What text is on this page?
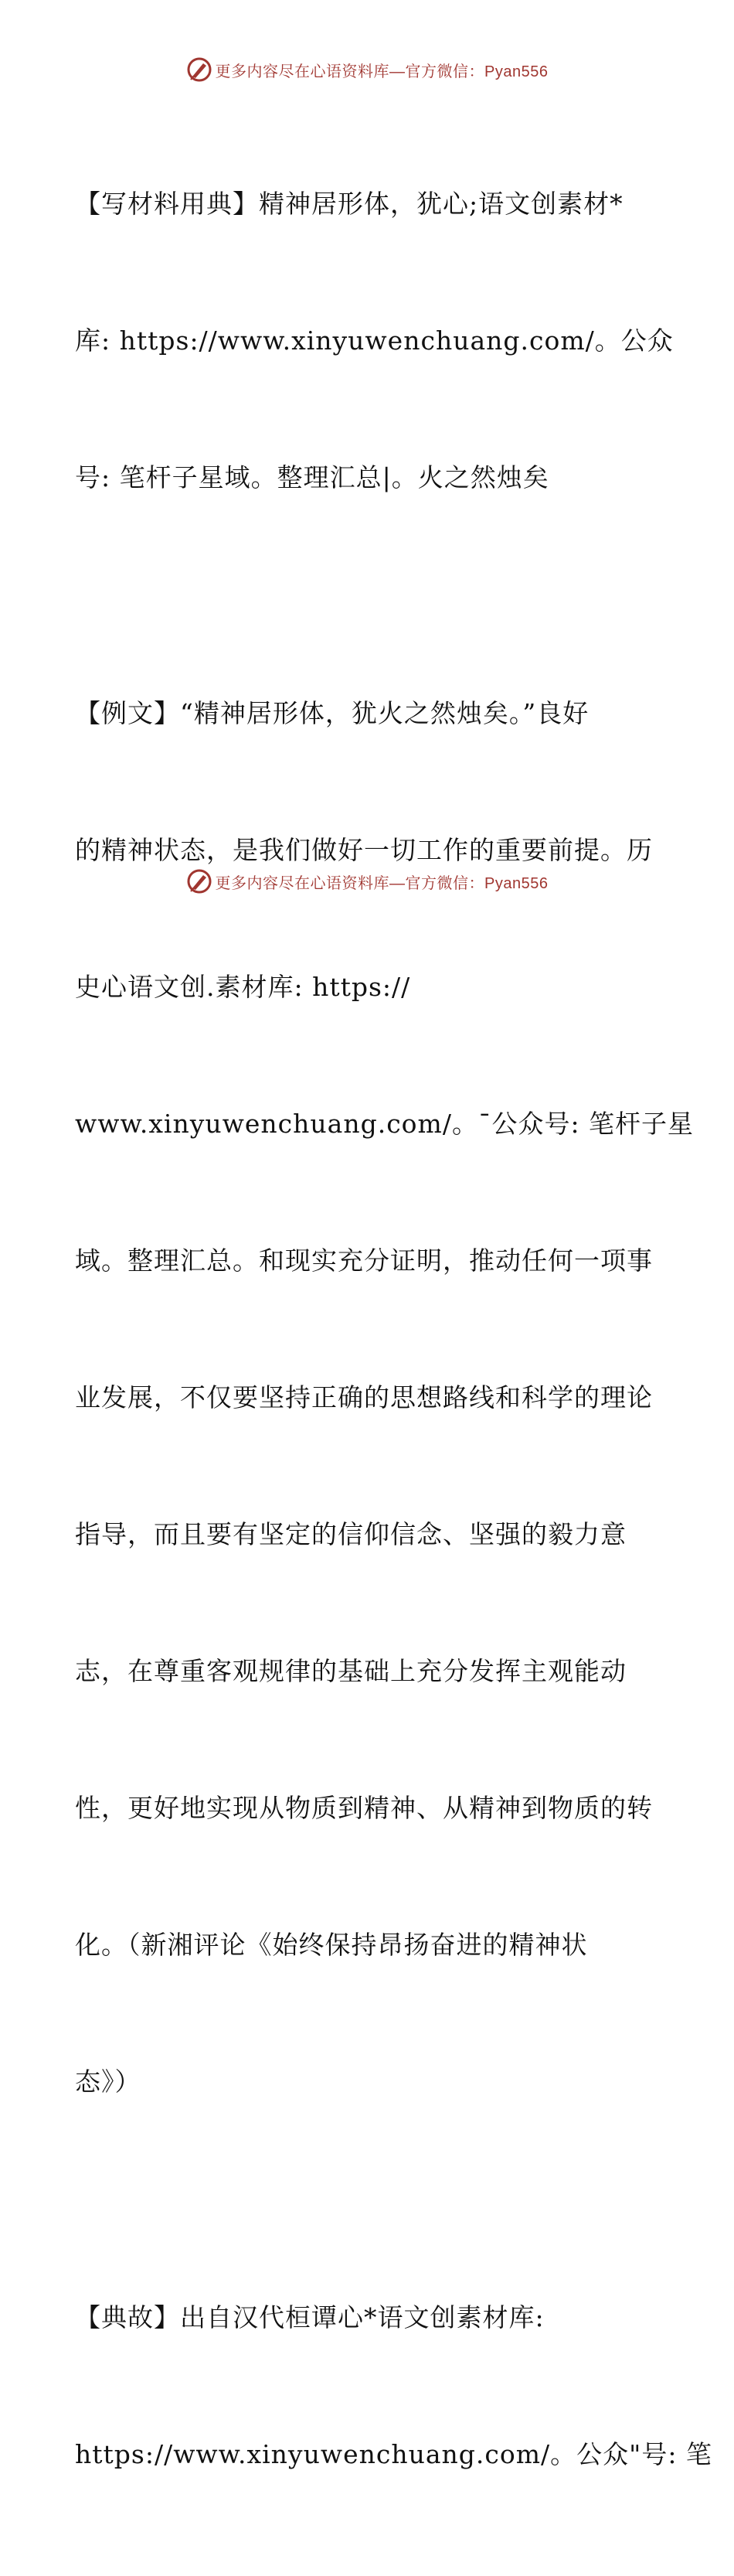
更多内容尽在心语资料库—官方微信：Pyan556

【写材料用典】精神居形体，犹心;语文创素材*

库: https://www.xinyuwenchuang.com/。公众

号: 笔杆子星域。整理汇总|。火之然烛矣

【例文】“精神居形体，犹火之然烛矣。”良好

的精神状态，是我们做好一切工作的重要前提。历

史心语文创.素材库: https://

www.xinyuwenchuang.com/。¯公众号: 笔杆子星

域。整理汇总。和现实充分证明，推动任何一项事

业发展，不仅要坚持正确的思想路线和科学的理论

指导，而且要有坚定的信仰信念、坚强的毅力意

志，在尊重客观规律的基础上充分发挥主观能动

性，更好地实现从物质到精神、从精神到物质的转

化。（新湘评论《始终保持昂扬奋进的精神状

态》）

【典故】出自汉代桓谭心*语文创素材库:

https://www.xinyuwenchuang.com/。公众"号: 笔

更多内容尽在心语资料库—官方微信：Pyan556
